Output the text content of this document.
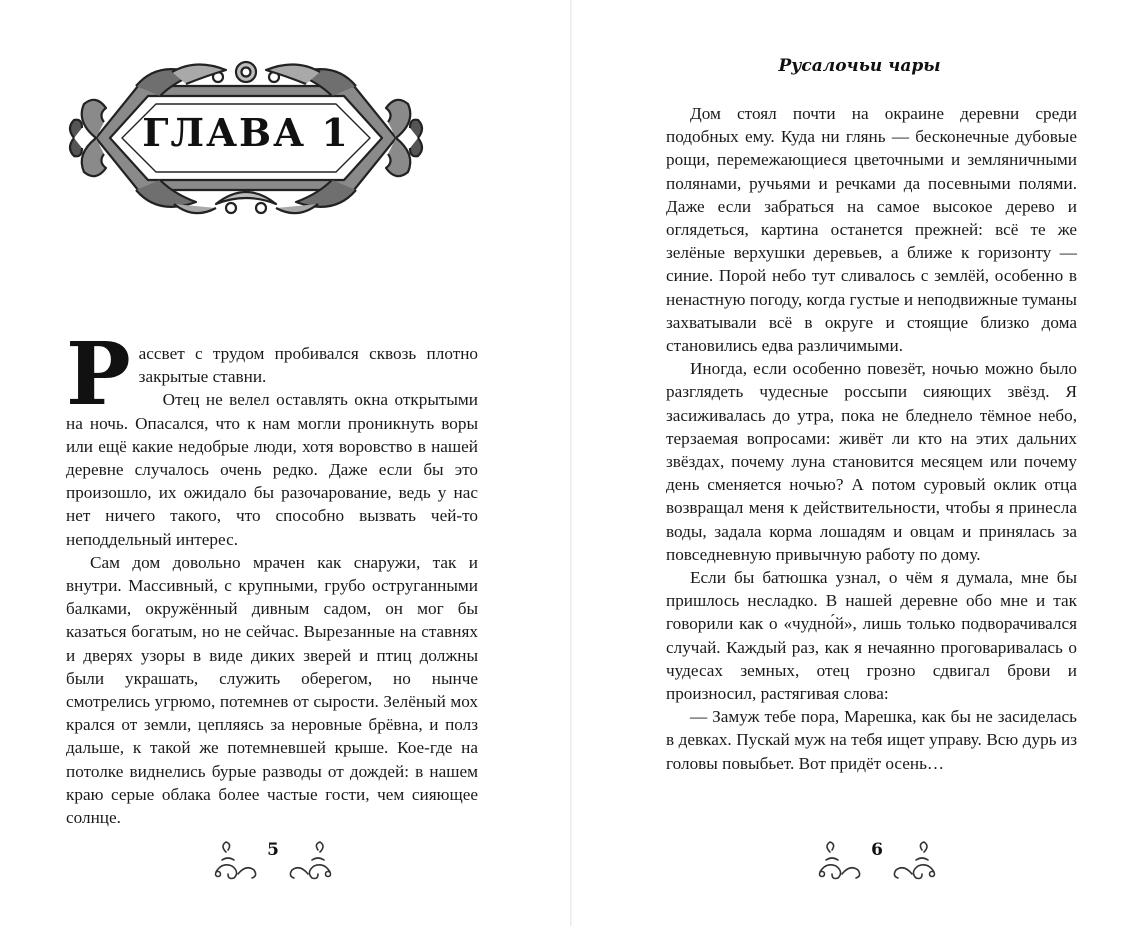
ГЛАВА 1

Рассвет с трудом пробивался сквозь плотно закрытые ставни.

Отец не велел оставлять окна открытыми на ночь. Опасался, что к нам могли проникнуть воры или ещё какие недобрые люди, хотя воровство в нашей деревне случалось очень редко. Даже если бы это произошло, их ожидало бы разочарование, ведь у нас нет ничего такого, что способно вызвать чей-то неподдельный интерес.

Сам дом довольно мрачен как снаружи, так и внутри. Массивный, с крупными, грубо оструганными балками, окружённый дивным садом, он мог бы казаться богатым, но не сейчас. Вырезанные на ставнях и дверях узоры в виде диких зверей и птиц должны были украшать, служить оберегом, но нынче смотрелись угрюмо, потемнев от сырости. Зелёный мох крался от земли, цепляясь за неровные брёвна, и полз дальше, к такой же потемневшей крыше. Кое-где на потолке виднелись бурые разводы от дождей: в нашем краю серые облака более частые гости, чем сияющее солнце.

5
Русалочьи чары

Дом стоял почти на окраине деревни среди подобных ему. Куда ни глянь — бесконечные дубовые рощи, перемежающиеся цветочными и земляничными полянами, ручьями и речками да посевными полями. Даже если забраться на самое высокое дерево и оглядеться, картина останется прежней: всё те же зелёные верхушки деревьев, а ближе к горизонту — синие. Порой небо тут сливалось с землёй, особенно в ненастную погоду, когда густые и неподвижные туманы захватывали всё в округе и стоящие близко дома становились едва различимыми.

Иногда, если особенно повезёт, ночью можно было разглядеть чудесные россыпи сияющих звёзд. Я засиживалась до утра, пока не бледнело тёмное небо, терзаемая вопросами: живёт ли кто на этих дальних звёздах, почему луна становится месяцем или почему день сменяется ночью? А потом суровый оклик отца возвращал меня к действительности, чтобы я принесла воды, задала корма лошадям и овцам и принялась за повседневную привычную работу по дому.

Если бы батюшка узнал, о чём я думала, мне бы пришлось несладко. В нашей деревне обо мне и так говорили как о «чудно́й», лишь только подворачивался случай. Каждый раз, как я нечаянно проговаривалась о чудесах земных, отец грозно сдвигал брови и произносил, растягивая слова:

— Замуж тебе пора, Марешка, как бы не засиделась в девках. Пускай муж на тебя ищет управу. Всю дурь из головы повыбьет. Вот придёт осень…

6
